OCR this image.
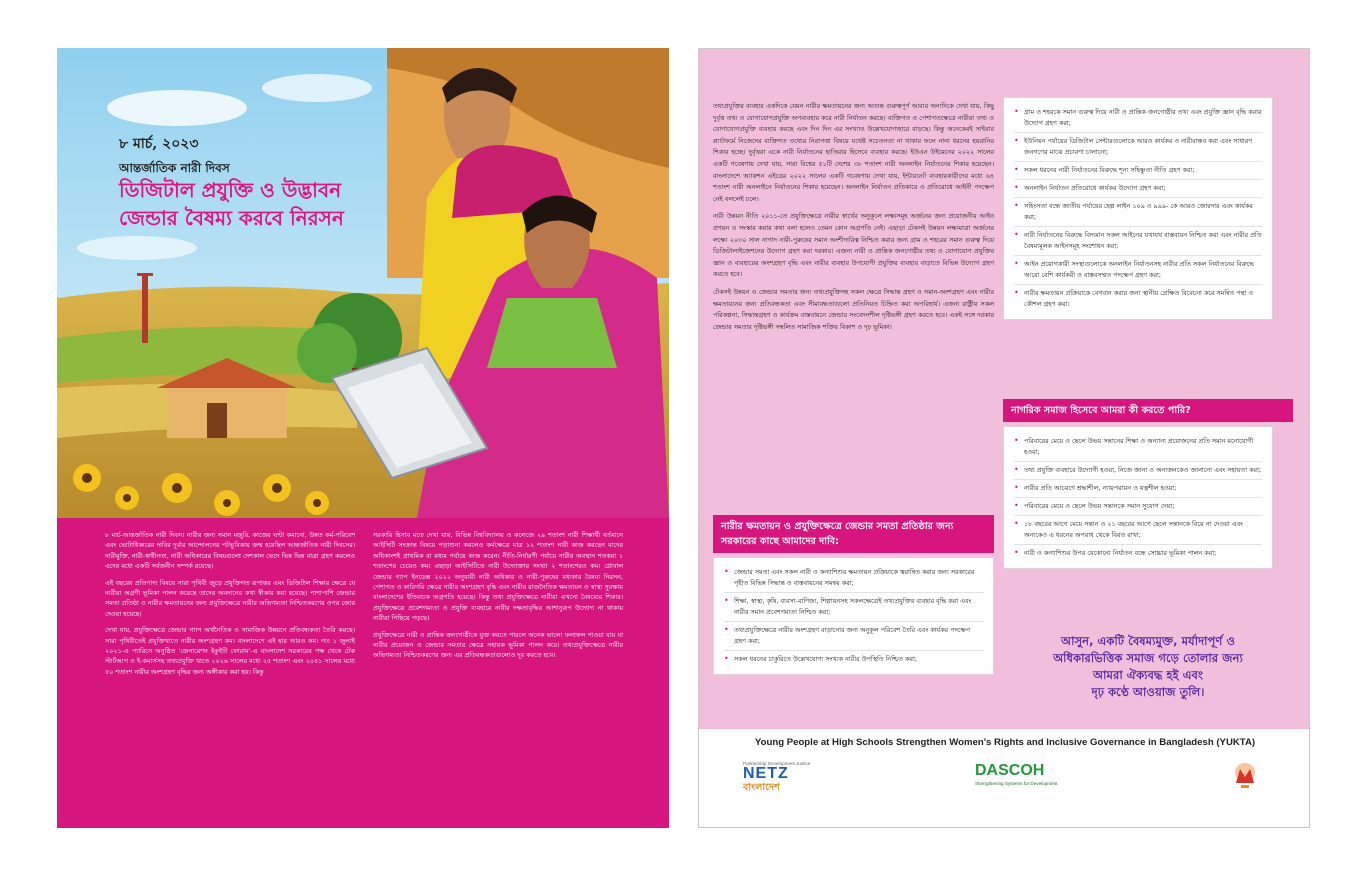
৮ মার্চ, ২০২৩
আন্তর্জাতিক নারী দিবস
ডিজিটাল প্রযুক্তি ও উদ্ভাবন
জেন্ডার বৈষম্য করবে নিরসন

৮ মার্চ-আন্তর্জাতিক নারী দিবস। নারীর জন্য সমান মজুরি, কাজের ঘণ্টা কমানো, উন্নত কর্ম-পরিবেশ এবং ভোটাধিকারের দাবির দুর্বার আন্দোলনের পটভূমিকায় জন্ম হয়েছিল আন্তর্জাতিক নারী দিবসের। নারীমুক্তি, নারী-স্বাধীনতা, নারী অধিকারের বিষয়গুলো দেশকাল ভেদে ভিন্ন ভিন্ন মাত্রা গ্রহণ করলেও এদের মধ্যে একটি সর্বজনীন সম্পর্ক রয়েছে।

এই বছরের প্রতিপাদ্য বিষয়ে সারা পৃথিবী জুড়ে প্রযুক্তিগত রূপান্তর এবং ডিজিটাল শিক্ষার ক্ষেত্রে যে নারীরা অগ্রণী ভূমিকা পালন করেছে তাদের অবদানের কথা স্বীকার করা হয়েছে। পাশাপাশি জেন্ডার সমতা প্রতিষ্ঠা ও নারীর ক্ষমতায়নের জন্য প্রযুক্তিক্ষেত্রে নারীর অভিগম্যতা নিশ্চিতকরণের ওপর জোর দেওয়া হয়েছে।

দেখা যায়, প্রযুক্তিক্ষেত্রে জেন্ডার গ্যাপ অর্থনৈতিক ও সামাজিক উন্নয়নে প্রতিবন্ধকতা তৈরি করছে। সারা পৃথিবীতেই প্রযুক্তিখাতে নারীর অংশগ্রহণ কম। বাংলাদেশে এই হার আরও কম। গত ১ জুলাই ২০২১-এ প্যারিসে অনুষ্ঠিত 'জেনারেশন ইকুইটি ফোরাম'-এ বাংলাদেশ সরকারের পক্ষ থেকে টেক স্টার্টআপ ও ই-কমার্সসহ তথ্যপ্রযুক্তি খাতে ২০২৬ সালের মধ্যে ২৫ শতাংশ এবং ২০৪১ সালের মধ্যে ৫০ শতাংশ নারীর অংশগ্রহণ বৃদ্ধির জন্য অঙ্গীকার করা হয়। কিন্তু

সরকারি হিসাব মতে দেখা যায়, বিভিন্ন বিশ্ববিদ্যালয় ও কলেজে ২৯ শতাংশ নারী শিক্ষার্থী বর্তমানে আইসিটি সংক্রান্ত বিষয়ে পড়াশুনা করলেও কর্মক্ষেত্রে মাত্র ১২ শতাংশ নারী কাজ করছেন যাদের অধিকাংশই প্রাথমিক বা মধ্যম পর্যায়ে কাজ করেন। নীতি-নির্ধারণী পর্যায়ে নারীর অবস্থান শতকরা ১ শতাংশের চেয়েও কম। এছাড়া আইসিটিতে নারী উদ্যোক্তার সংখ্যা ২ শতাংশেরও কম। গ্লোবাল জেন্ডার গ্যাপ ইনডেক্স ২০২২ অনুযায়ী নারী অধিকার ও নারী-পুরুষের মধ্যকার বৈষম্য নিরসন, পেশাগত ও কারিগরি ক্ষেত্রে নারীর অংশগ্রহণ বৃদ্ধি এবং নারীর রাজনৈতিক ক্ষমতায়ন ও স্বাস্থ্য সুরক্ষায় বাংলাদেশের ইতিবাচক অগ্রগতি হয়েছে। কিন্তু তথ্য প্রযুক্তিক্ষেত্রে নারীরা এখনো বৈষম্যের শিকার। প্রযুক্তিক্ষেত্রে প্রবেশগম্যতা ও প্রযুক্তি ব্যবহারে নারীর দক্ষতাবৃদ্ধির আশানুরূপ উদ্যোগ না থাকায় নারীরা পিছিয়ে পড়ছে।

প্রযুক্তিক্ষেত্রে নারী ও প্রান্তিক জনগোষ্ঠীকে যুক্ত করতে পারলে অনেক ভালো ফলাফল পাওয়া যায় যা নারীর প্রয়োজন ও জেন্ডার সমতার ক্ষেত্রে সহায়ক ভূমিকা পালন করে। তথ্যপ্রযুক্তিক্ষেত্রে নারীর অভিগম্যতা নিশ্চিতকরণের জন্য এর প্রতিবন্ধকতাগুলোও দূর করতে হবে।

তথ্যপ্রযুক্তির ব্যবহার একদিকে যেমন নারীর ক্ষমতায়নের জন্য অত্যন্ত গুরুত্বপূর্ণ আবার অন্যদিকে দেখা যায়, কিছু দুর্বৃত্ত তথ্য ও যোগাযোগপ্রযুক্তি অপব্যবহার করে নারী নির্যাতন করছে। ব্যক্তিগত ও পেশাগতক্ষেত্রে নারীরা তথ্য ও যোগাযোগপ্রযুক্তি ব্যবহার করছে এবং দিন দিন এর সংখ্যাও উল্লেখযোগ্যহারে বাড়ছে। কিন্তু অনেকেরই সাইবার প্ল্যাটফর্মে নিজেদের ব্যক্তিগত তথ্যের নিরাপত্তা বিষয়ে যথেষ্ট সচেতনতা না থাকার ফলে নানা ধরনের হয়রানির শিকার হচ্ছে। দুর্বৃত্তরা একে নারী নির্যাতনের হাতিয়ার হিসেবে ব্যবহার করছে। ইউএন উইমেনের ২০২২ সালের একটি গবেষণায় দেখা যায়, সারা বিশ্বের ৫১টি দেশের ৩৮ শতাংশ নারী অনলাইন নির্যাতনের শিকার হয়েছেন। বাংলাদেশে অ্যাকশন এইডের ২০২২ সালের একটি গবেষণায় দেখা যায়, ইন্টারনেট ব্যবহারকারীদের মধ্যে ৬৪ শতাংশ নারী অনলাইনে নির্যাতনের শিকার হয়েছেন। অনলাইন নির্যাতন প্রতিকারে ও প্রতিরোধে আইনী পদক্ষেপ নেই বললেই চলে।

নারী উন্নয়ন নীতি ২০১১-তে প্রযুক্তিক্ষেত্রে নারীর স্বার্থের অনুকূলে লক্ষ্যসমূহ অর্জনের জন্য প্রয়োজনীয় আইন প্রণয়ন ও সংস্কার করার কথা বলা হলেও তেমন কোন অগ্রগতি নেই। এছাড়া টেকসই উন্নয়ন লক্ষ্যমাত্রা অর্জনের লক্ষ্যে ২০৩০ সাল নাগাদ নারী-পুরুষের সমান অংশীদারিত্ব নিশ্চিত করার জন্য গ্রাম ও শহরের সমান গুরুত্ব দিয়ে ডিজিটালাইজেশনের উদ্যোগ গ্রহণ করা দরকার। এজন্য নারী ও প্রান্তিক জনগোষ্ঠীর তথ্য ও যোগাযোগ প্রযুক্তির জ্ঞান ও ব্যবহারের অংশগ্রহণ বৃদ্ধি এবং নারীর ব্যবহার উপযোগী প্রযুক্তির ব্যবহার বাড়াতে বিভিন্ন উদ্যোগ গ্রহণ করতে হবে।

টেকসই উন্নয়ন ও জেন্ডার সমতার জন্য তথ্যপ্রযুক্তিসহ সকল ক্ষেত্রে সিদ্ধান্ত গ্রহণ ও সমান-অংশগ্রহণ এবং নারীর ক্ষমতায়নের জন্য প্রতিবন্ধকতা এবং সীমাবদ্ধতাগুলো প্রতিনিয়ত চিহ্নিত করা অপরিহার্য। এজন্য রাষ্ট্রীয় সকল পরিকল্পনা, সিদ্ধান্তগ্রহণ ও কার্যক্রম বাস্তবায়নে জেন্ডার সংবেদনশীল দৃষ্টিভঙ্গী গ্রহণ করতে হবে। একই সঙ্গে দরকার জেন্ডার সমতার দৃষ্টিভঙ্গী সম্বলিত সামাজিক শক্তির বিকাশ ও দৃঢ় ভূমিকা।

• গ্রাম ও শহরকে সমান গুরুত্ব দিয়ে নারী ও প্রান্তিক জনগোষ্ঠীর তথ্য এবং প্রযুক্তি জ্ঞান বৃদ্ধি করার উদ্যোগ গ্রহণ করা;
• ইউনিয়ন পর্যায়ের ডিজিটাল সেন্টারগুলোকে আরও কার্যকর ও নারীবান্ধব করা এবং সাধারণ জনগণের মাঝে প্রচারণা চালানো;
• সকল ধরনের নারী নির্যাতনের বিরুদ্ধে শূন্য সহিষ্ণুতা নীতি গ্রহণ করা;
• অনলাইন নির্যাতন প্রতিরোধে কার্যকর উদ্যোগ গ্রহণ করা;
• সহিংসতা বন্ধে জাতীয় পর্যায়ের হেল্প লাইন ১০৯ ও ৯৯৯- কে আরও জোরদার এবং কার্যকর করা;
• নারী নির্যাতনের বিরুদ্ধে বিদ্যমান সকল আইনের যথাযথ বাস্তবায়ন নিশ্চিত করা এবং নারীর প্রতি বৈষম্যমূলক আইনসমূহ সংশোধন করা;
• আইন প্রয়োগকারী সংস্থাগুলোকে অনলাইন নির্যাতনসহ নারীর প্রতি সকল নির্যাতনের বিরুদ্ধে আরো বেশি কার্যকরী ও বাস্তবসম্মত পদক্ষেপ গ্রহণ করা;
• নারীর ক্ষমতায়ন প্রক্রিয়াকে বেগবান করার জন্য স্থানীয় প্রেক্ষিত বিবেচনা করে সমন্বিত পন্থা ও কৌশল গ্রহণ করা।
নাগরিক সমাজ হিসেবে আমরা কী করতে পারি?
• পরিবারের মেয়ে ও ছেলে উভয় সন্তানের শিক্ষা ও অন্যান্য প্রয়োজনের প্রতি সমান মনোযোগী হওয়া;
• তথ্য প্রযুক্তি ব্যবহারে উদ্যোগী হওয়া, নিজে জানা ও অন্যজনকেও জানানো এবং সহায়তা করা;
• নারীর প্রতি আচরণে শ্রদ্ধাশীল, ন্যায়পরায়ন ও যত্নশীল হওয়া;
• পরিবারের মেয়ে ও ছেলে উভয় সন্তানকে সমান সুযোগ দেয়া;
• ১৮ বছরের আগে মেয়ে সন্তান ও ২১ বছরের আগে ছেলে সন্তানকে বিয়ে না দেওয়া এবং অন্যকেও এ ধরনের অপরাধ থেকে বিরত রাখা;
• নারী ও কন্যাশিশুর উপর যেকোনো নির্যাতন বন্ধে সোচ্চার ভূমিকা পালন করা;
নারীর ক্ষমতায়ন ও প্রযুক্তিক্ষেত্রে জেন্ডার সমতা প্রতিষ্ঠার জন্য সরকারের কাছে আমাদের দাবি:
• জেন্ডার সমতা এবং সকল নারী ও কন্যাশিশুর ক্ষমতায়ন প্রক্রিয়াকে ত্বরান্বিত করার জন্য সরকারের গৃহীত বিভিন্ন সিদ্ধান্ত ও বাস্তবায়নের সমন্বয় করা;
• শিক্ষা, স্বাস্থ্য, কৃষি, ব্যবসা-বাণিজ্য, শিল্পায়নসহ সকলক্ষেত্রেই তথ্যপ্রযুক্তির ব্যবহার বৃদ্ধি করা এবং নারীর সমান প্রবেশগম্যতা নিশ্চিত করা;
• তথ্যপ্রযুক্তিক্ষেত্রে নারীর অংশগ্রহণ বাড়ানোর জন্য অনুকূল পরিবেশ তৈরি এবং কার্যকর পদক্ষেপ গ্রহণ করা;
• সকল ধরনের চাকুরিতে উল্লেখযোগ্য সংখ্যক নারীর উপস্থিতি নিশ্চিত করা;
আসুন, একটি বৈষম্যমুক্ত, মর্যাদাপূর্ণ ও
অধিকারভিত্তিক সমাজ গড়ে তোলার জন্য
আমরা ঐক্যবদ্ধ হই এবং
দৃঢ় কণ্ঠে আওয়াজ তুলি।
Young People at High Schools Strengthen Women's Rights and Inclusive Governance in Bangladesh (YUKTA)
Partnership Development Justice
NETZ
বাংলাদেশ
DASCOH
Strengthening Systems for Development
